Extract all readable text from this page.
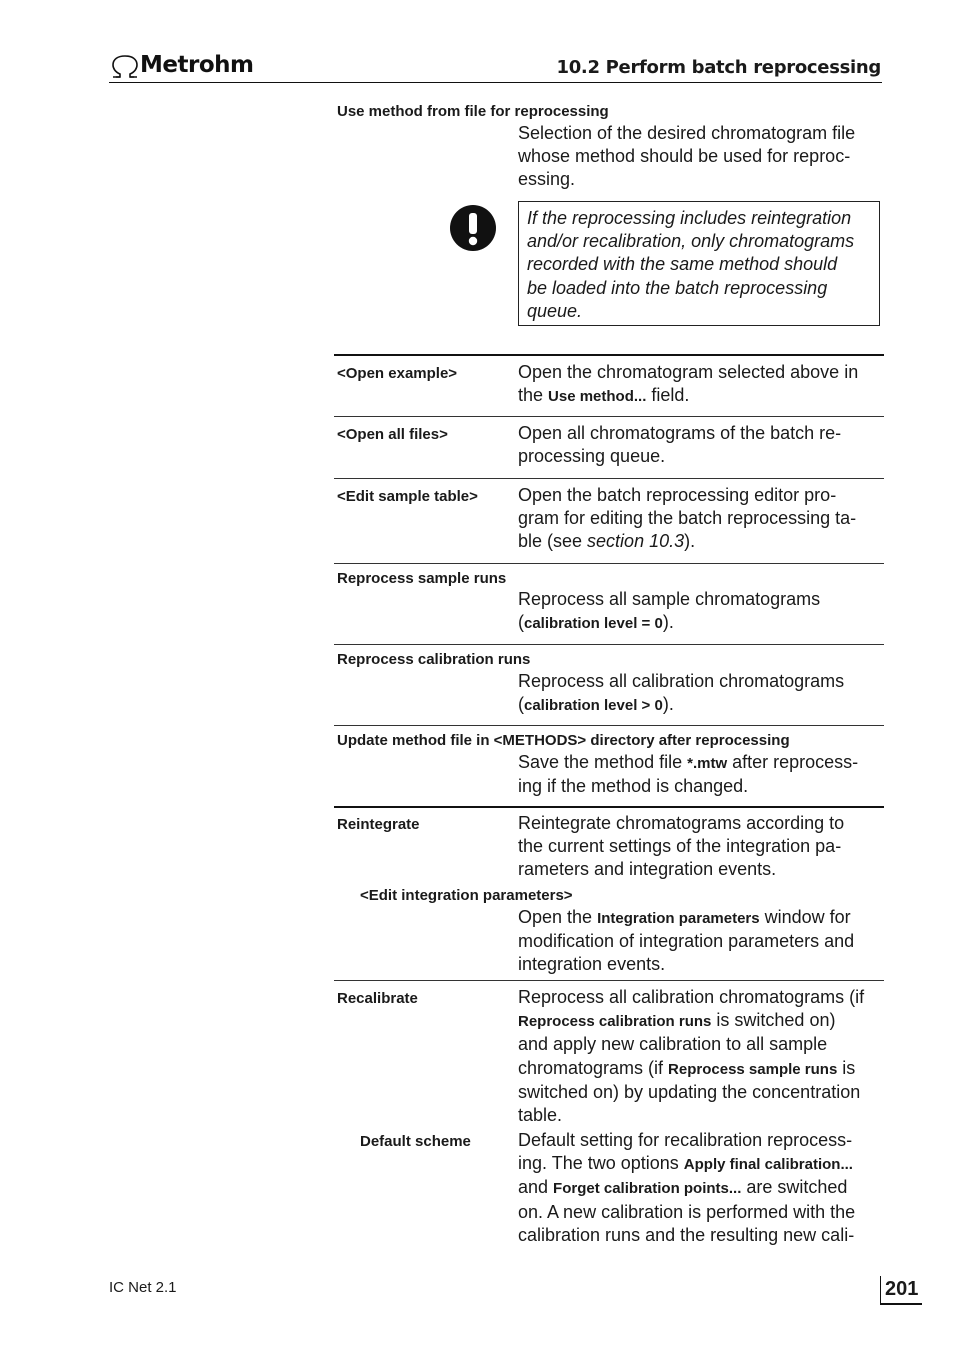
Metrohm	10.2 Perform batch reprocessing
Use method from file for reprocessing
Selection of the desired chromatogram file
whose method should be used for reproc-
essing.
If the reprocessing includes reintegration
and/or recalibration, only chromatograms
recorded with the same method should
be loaded into the batch reprocessing
queue.
<Open example>	Open the chromatogram selected above in
the Use method... field.
<Open all files>	Open all chromatograms of the batch re-
processing queue.
<Edit sample table> Open the batch reprocessing editor pro-
gram for editing the batch reprocessing ta-
ble (see section 10.3).
Reprocess sample runs
Reprocess all sample chromatograms
(calibration level = 0).
Reprocess calibration runs
Reprocess all calibration chromatograms
(calibration level > 0).
Update method file in <METHODS> directory after reprocessing
Save the method file *.mtw after reprocess-
ing if the method is changed.
Reintegrate	Reintegrate chromatograms according to
the current settings of the integration pa-
rameters and integration events.
<Edit integration parameters>
Open the Integration parameters window for
modification of integration parameters and
integration events.
Recalibrate	Reprocess all calibration chromatograms (if
Reprocess calibration runs is switched on)
and apply new calibration to all sample
chromatograms (if Reprocess sample runs is
switched on) by updating the concentration
table.
Default scheme	Default setting for recalibration reprocess-
ing. The two options Apply final calibration...
and Forget calibration points... are switched
on. A new calibration is performed with the
calibration runs and the resulting new cali-
IC Net 2.1	201
